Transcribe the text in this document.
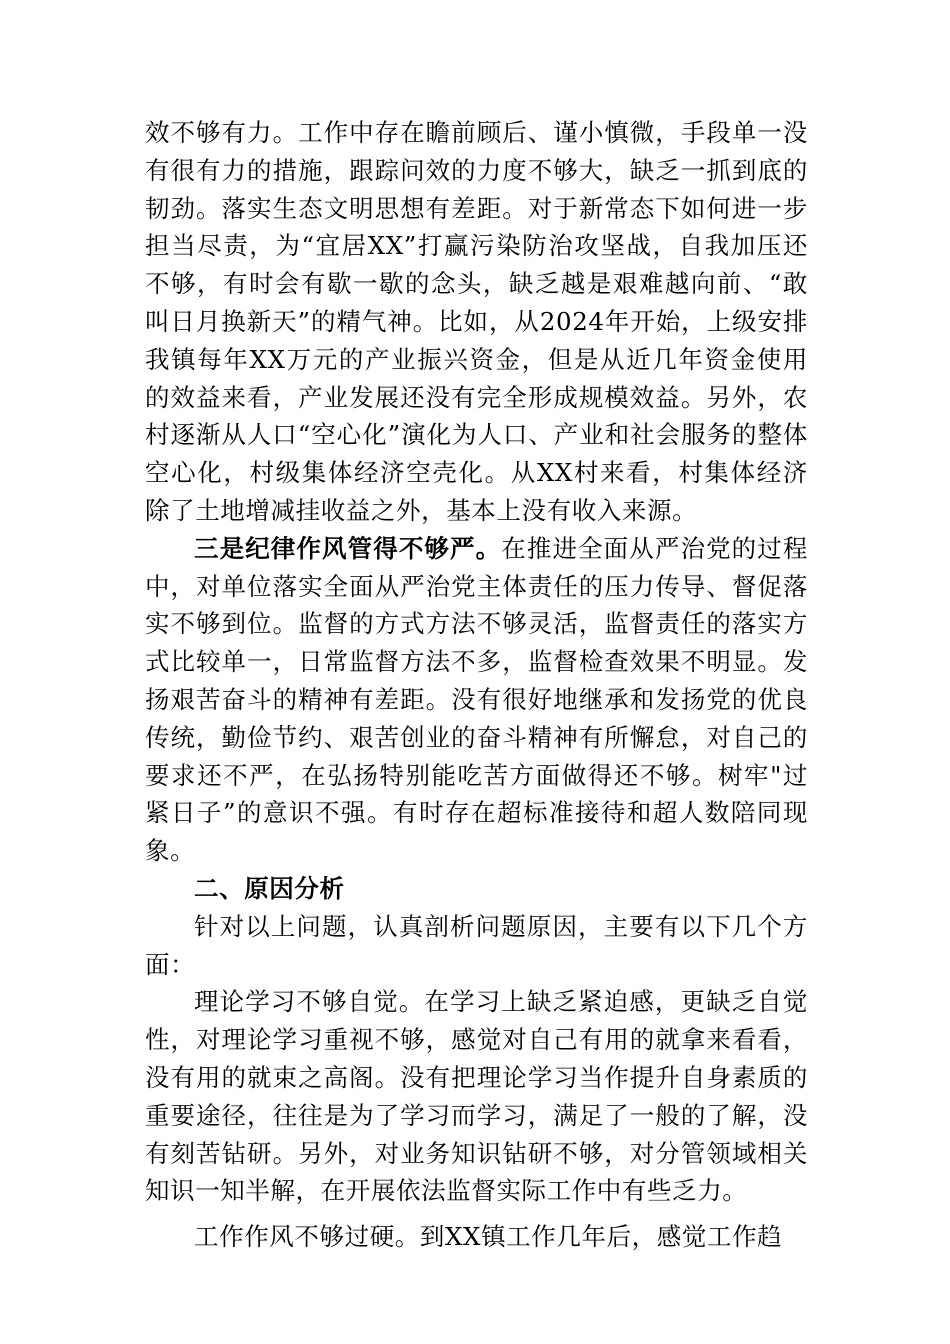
效不够有力。工作中存在瞻前顾后、谨小慎微，手段单一没有很有力的措施，跟踪问效的力度不够大，缺乏一抓到底的韧劲。落实生态文明思想有差距。对于新常态下如何进一步担当尽责，为“宜居XX”打赢污染防治攻坚战，自我加压还不够，有时会有歇一歇的念头，缺乏越是艰难越向前、“敢叫日月换新天”的精气神。比如，从2024年开始，上级安排我镇每年XX万元的产业振兴资金，但是从近几年资金使用的效益来看，产业发展还没有完全形成规模效益。另外，农村逐渐从人口“空心化”演化为人口、产业和社会服务的整体空心化，村级集体经济空壳化。从XX村来看，村集体经济除了土地增减挂收益之外，基本上没有收入来源。

三是纪律作风管得不够严。在推进全面从严治党的过程中，对单位落实全面从严治党主体责任的压力传导、督促落实不够到位。监督的方式方法不够灵活，监督责任的落实方式比较单一，日常监督方法不多，监督检查效果不明显。发扬艰苦奋斗的精神有差距。没有很好地继承和发扬党的优良传统，勤俭节约、艰苦创业的奋斗精神有所懈怠，对自己的要求还不严，在弘扬特别能吃苦方面做得还不够。树牢"过紧日子”的意识不强。有时存在超标准接待和超人数陪同现象。

二、原因分析

针对以上问题，认真剖析问题原因，主要有以下几个方面：

理论学习不够自觉。在学习上缺乏紧迫感，更缺乏自觉性，对理论学习重视不够，感觉对自己有用的就拿来看看，没有用的就束之高阁。没有把理论学习当作提升自身素质的重要途径，往往是为了学习而学习，满足了一般的了解，没有刻苦钻研。另外，对业务知识钻研不够，对分管领域相关知识一知半解，在开展依法监督实际工作中有些乏力。

工作作风不够过硬。到XX镇工作几年后，感觉工作趋
